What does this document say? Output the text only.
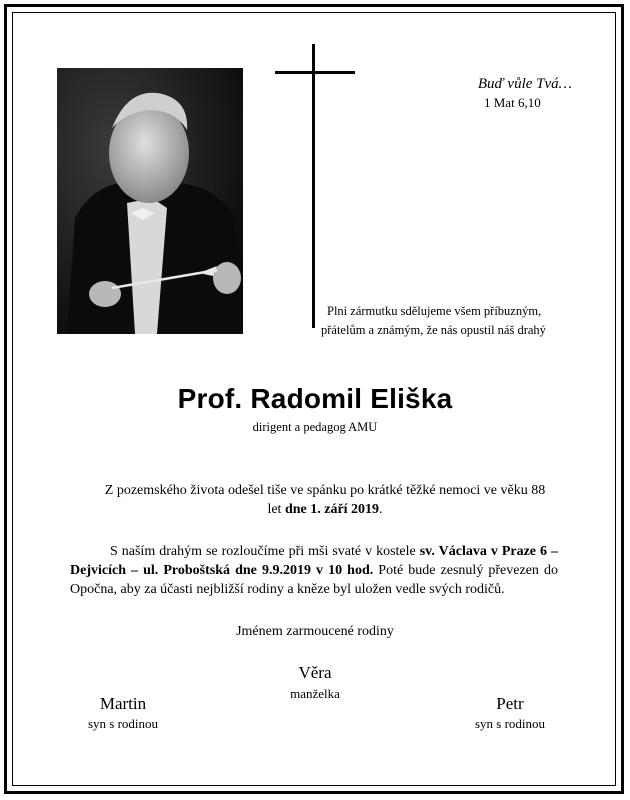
Buď vůle Tvá…
1 Mat 6,10
Plni zármutku sdělujeme všem příbuzným,
přátelům a známým, že nás opustil náš drahý
Prof. Radomil Eliška
dirigent a pedagog AMU
Z pozemského života odešel tiše ve spánku po krátké těžké nemoci ve věku 88 let dne 1. září 2019.
S naším drahým se rozloučíme při mši svaté v kostele sv. Václava v Praze 6 – Dejvicích – ul. Proboštská dne 9.9.2019 v 10 hod. Poté bude zesnulý převezen do Opočna, aby za účasti nejbližší rodiny a kněze byl uložen vedle svých rodičů.
Jménem zarmoucené rodiny
Věra
manželka
Martin
syn s rodinou
Petr
syn s rodinou
